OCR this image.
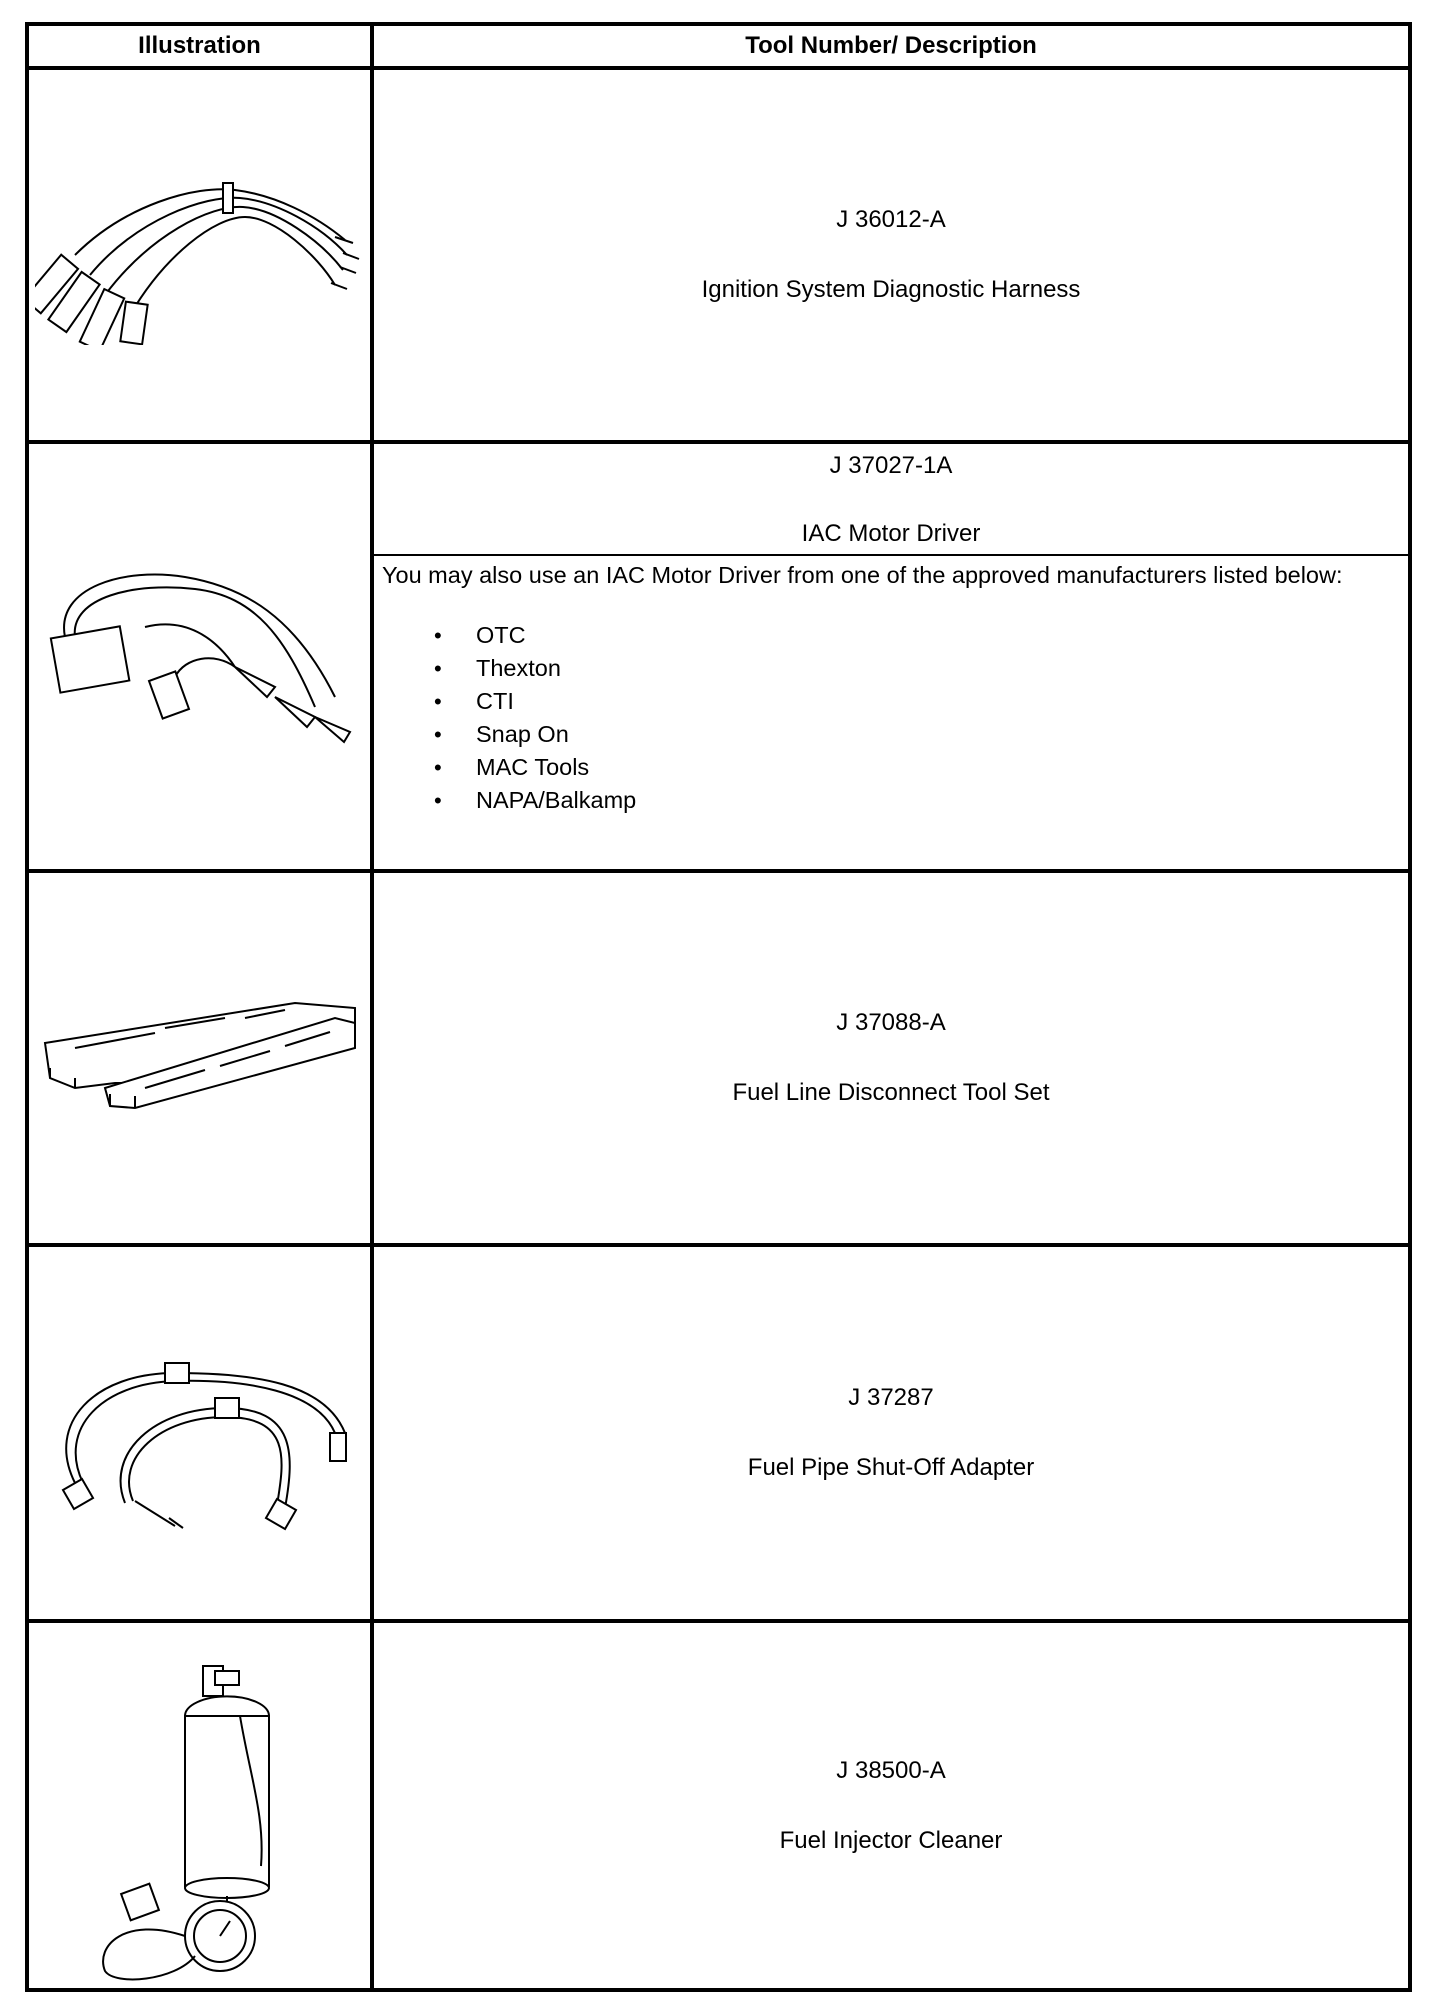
Illustration	Tool Number/ Description
J 36012-A
Ignition System Diagnostic Harness
J 37027-1A
IAC Motor Driver
You may also use an IAC Motor Driver from one of the approved manufacturers listed below:
• OTC
• Thexton
• CTI
• Snap On
• MAC Tools
• NAPA/Balkamp
J 37088-A
Fuel Line Disconnect Tool Set
J 37287
Fuel Pipe Shut-Off Adapter
J 38500-A
Fuel Injector Cleaner
